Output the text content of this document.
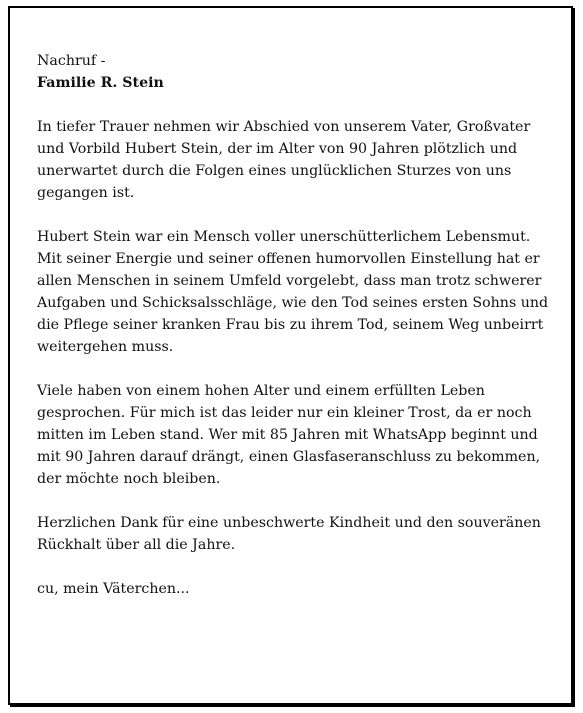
Nachruf -
Familie R. Stein

In tiefer Trauer nehmen wir Abschied von unserem Vater, Großvater und Vorbild Hubert Stein, der im Alter von 90 Jahren plötzlich und unerwartet durch die Folgen eines unglücklichen Sturzes von uns gegangen ist.

Hubert Stein war ein Mensch voller unerschütterlichem Lebensmut. Mit seiner Energie und seiner offenen humorvollen Einstellung hat er allen Menschen in seinem Umfeld vorgelebt, dass man trotz schwerer Aufgaben und Schicksalsschläge, wie den Tod seines ersten Sohns und die Pflege seiner kranken Frau bis zu ihrem Tod, seinem Weg unbeirrt weitergehen muss.

Viele haben von einem hohen Alter und einem erfüllten Leben gesprochen. Für mich ist das leider nur ein kleiner Trost, da er noch mitten im Leben stand. Wer mit 85 Jahren mit WhatsApp beginnt und mit 90 Jahren darauf drängt, einen Glasfaseranschluss zu bekommen, der möchte noch bleiben.

Herzlichen Dank für eine unbeschwerte Kindheit und den souveränen Rückhalt über all die Jahre.

cu, mein Väterchen...
